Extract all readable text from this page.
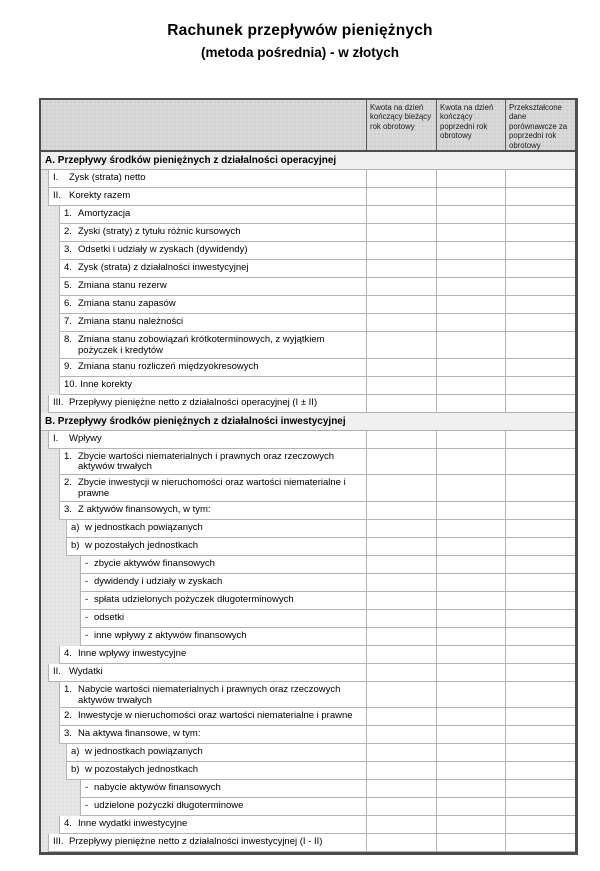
Rachunek przepływów pieniężnych
(metoda pośrednia) - w złotych
Kwota na dzień kończący bieżący rok obrotowy
Kwota na dzień kończący poprzedni rok obrotowy
Przekształcone dane porównawcze za poprzedni rok obrotowy
A. Przepływy środków pieniężnych z działalności operacyjnej
I.	Zysk (strata) netto
II. Korekty razem
1. Amortyzacja
2. Zyski (straty) z tytułu różnic kursowych
3. Odsetki i udziały w zyskach (dywidendy)
4. Zysk (strata) z działalności inwestycyjnej
5. Zmiana stanu rezerw
6. Zmiana stanu zapasów
7. Zmiana stanu należności
8. Zmiana stanu zobowiązań krótkoterminowych, z wyjątkiem pożyczek i kredytów
9. Zmiana stanu rozliczeń międzyokresowych
10. Inne korekty
III. Przepływy pieniężne netto z działalności operacyjnej (I ± II)
B. Przepływy środków pieniężnych z działalności inwestycyjnej
I.	Wpływy
1. Zbycie wartości niematerialnych i prawnych oraz rzeczowych aktywów trwałych
2. Zbycie inwestycji w nieruchomości oraz wartości niematerialne i prawne
3. Z aktywów finansowych, w tym:
a) w jednostkach powiązanych
b) w pozostałych jednostkach
- zbycie aktywów finansowych
- dywidendy i udziały w zyskach
- spłata udzielonych pożyczek długoterminowych
- odsetki
- inne wpływy z aktywów finansowych
4. Inne wpływy inwestycyjne
II. Wydatki
1. Nabycie wartości niematerialnych i prawnych oraz rzeczowych aktywów trwałych
2. Inwestycje w nieruchomości oraz wartości niematerialne i prawne
3. Na aktywa finansowe, w tym:
a) w jednostkach powiązanych
b) w pozostałych jednostkach
- nabycie aktywów finansowych
- udzielone pożyczki długoterminowe
4. Inne wydatki inwestycyjne
III. Przepływy pieniężne netto z działalności inwestycyjnej (I - II)
